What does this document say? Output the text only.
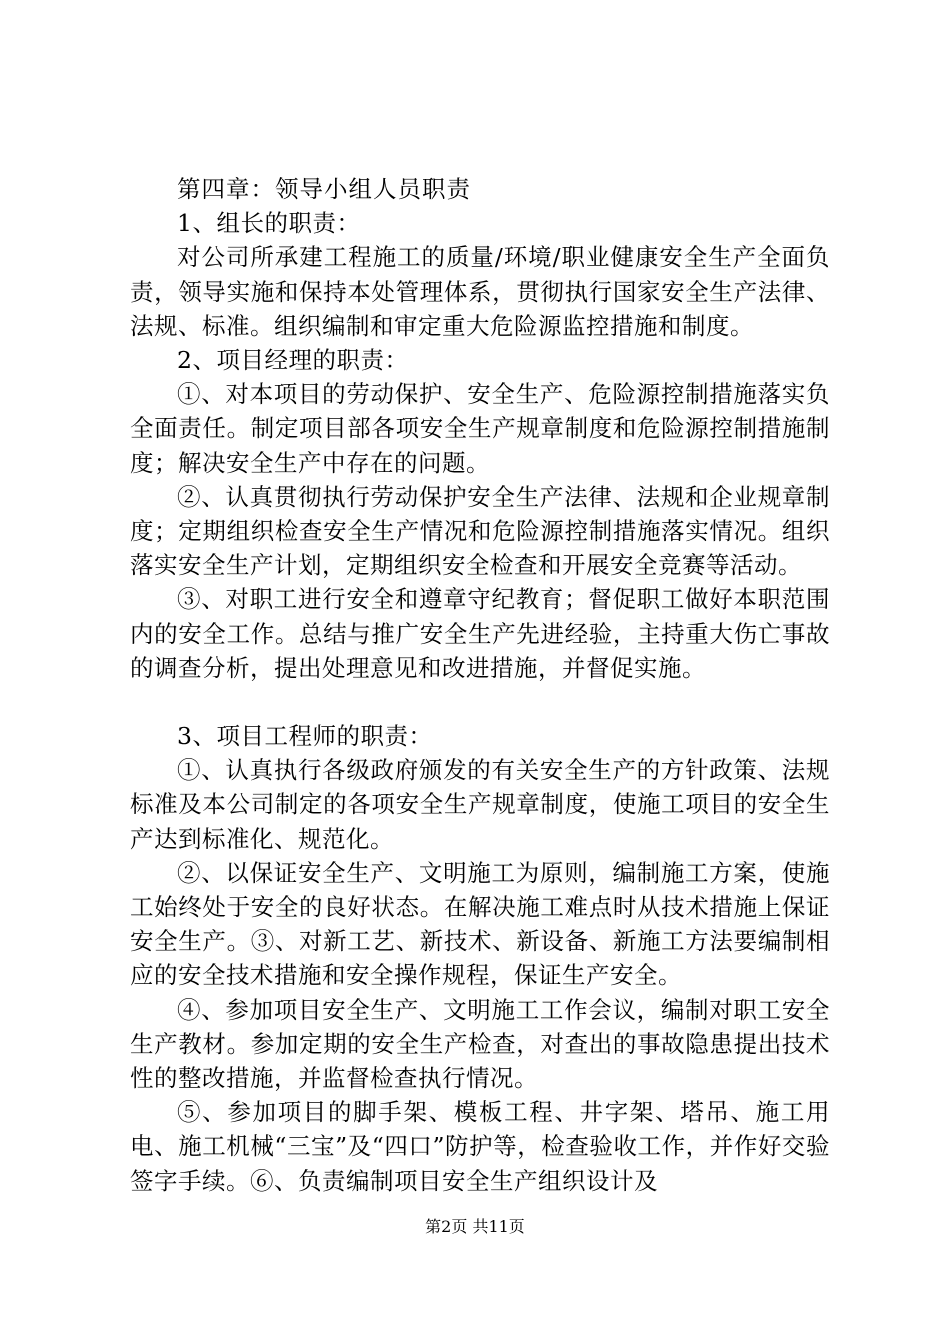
第四章：领导小组人员职责

1、组长的职责：

对公司所承建工程施工的质量/环境/职业健康安全生产全面负责，领导实施和保持本处管理体系，贯彻执行国家安全生产法律、法规、标准。组织编制和审定重大危险源监控措施和制度。

2、项目经理的职责：

①、对本项目的劳动保护、安全生产、危险源控制措施落实负全面责任。制定项目部各项安全生产规章制度和危险源控制措施制度；解决安全生产中存在的问题。

②、认真贯彻执行劳动保护安全生产法律、法规和企业规章制度；定期组织检查安全生产情况和危险源控制措施落实情况。组织落实安全生产计划，定期组织安全检查和开展安全竞赛等活动。

③、对职工进行安全和遵章守纪教育；督促职工做好本职范围内的安全工作。总结与推广安全生产先进经验，主持重大伤亡事故的调查分析，提出处理意见和改进措施，并督促实施。

3、项目工程师的职责：

①、认真执行各级政府颁发的有关安全生产的方针政策、法规标准及本公司制定的各项安全生产规章制度，使施工项目的安全生产达到标准化、规范化。

②、以保证安全生产、文明施工为原则，编制施工方案，使施工始终处于安全的良好状态。在解决施工难点时从技术措施上保证安全生产。③、对新工艺、新技术、新设备、新施工方法要编制相应的安全技术措施和安全操作规程，保证生产安全。

④、参加项目安全生产、文明施工工作会议，编制对职工安全生产教材。参加定期的安全生产检查，对查出的事故隐患提出技术性的整改措施，并监督检查执行情况。

⑤、参加项目的脚手架、模板工程、井字架、塔吊、施工用电、施工机械“三宝”及“四口”防护等，检查验收工作，并作好交验签字手续。⑥、负责编制项目安全生产组织设计及

第2页 共11页
